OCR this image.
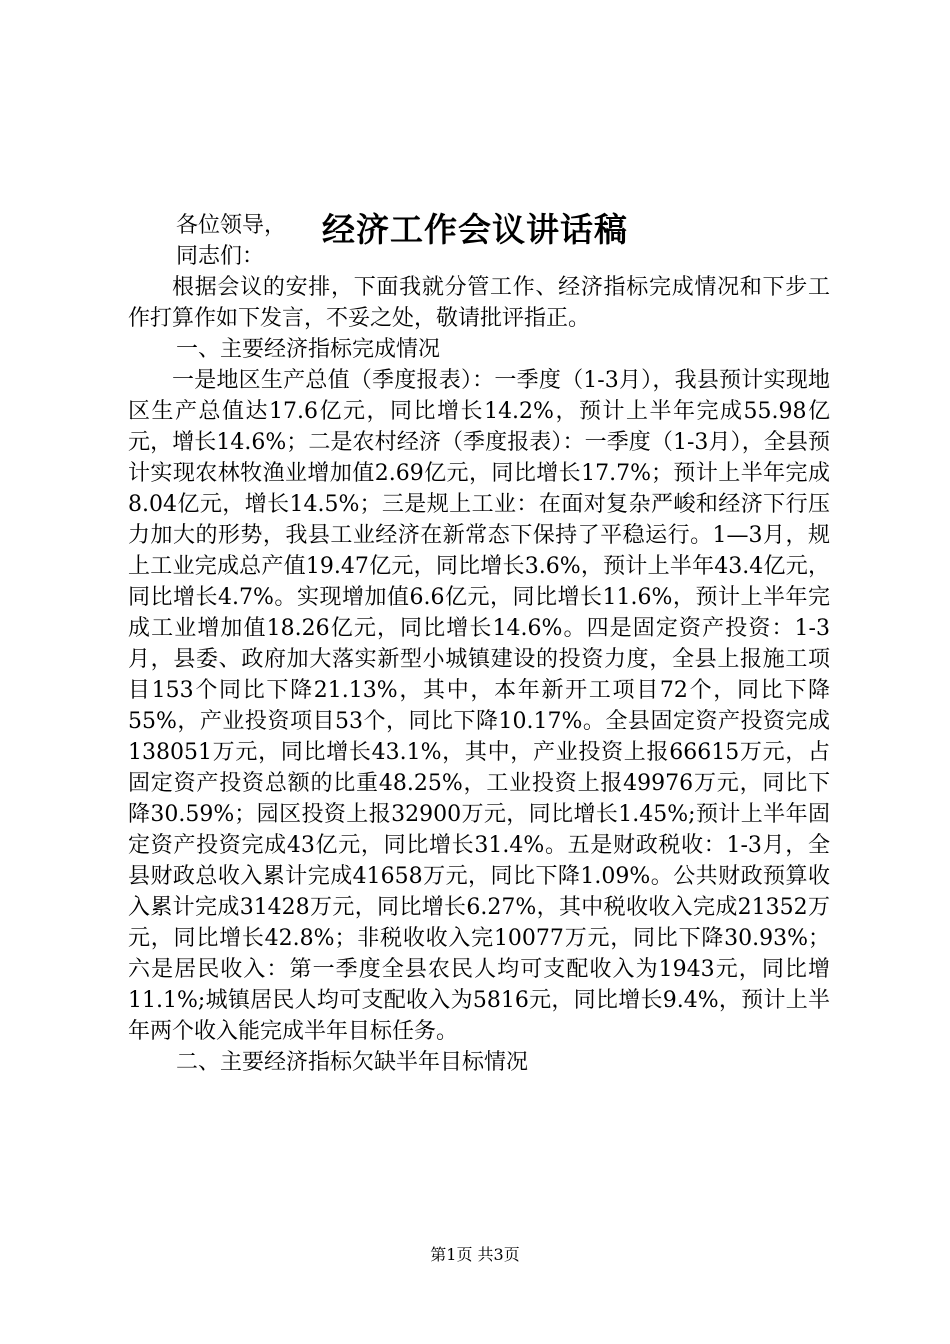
经济工作会议讲话稿

各位领导，

同志们：

根据会议的安排，下面我就分管工作、经济指标完成情况和下步工作打算作如下发言，不妥之处，敬请批评指正。

一、主要经济指标完成情况

一是地区生产总值（季度报表）：一季度（1-3月），我县预计实现地区生产总值达17.6亿元，同比增长14.2%，预计上半年完成55.98亿元，增长14.6%；二是农村经济（季度报表）：一季度（1-3月），全县预计实现农林牧渔业增加值2.69亿元，同比增长17.7%；预计上半年完成8.04亿元，增长14.5%；三是规上工业：在面对复杂严峻和经济下行压力加大的形势，我县工业经济在新常态下保持了平稳运行。1—3月，规上工业完成总产值19.47亿元，同比增长3.6%，预计上半年43.4亿元，同比增长4.7%。实现增加值6.6亿元，同比增长11.6%，预计上半年完成工业增加值18.26亿元，同比增长14.6%。四是固定资产投资：1-3月，县委、政府加大落实新型小城镇建设的投资力度，全县上报施工项目153个同比下降21.13%，其中，本年新开工项目72个，同比下降55%，产业投资项目53个，同比下降10.17%。全县固定资产投资完成138051万元，同比增长43.1%，其中，产业投资上报66615万元，占固定资产投资总额的比重48.25%，工业投资上报49976万元，同比下降30.59%；园区投资上报32900万元，同比增长1.45%;预计上半年固定资产投资完成43亿元，同比增长31.4%。五是财政税收：1-3月，全县财政总收入累计完成41658万元，同比下降1.09%。公共财政预算收入累计完成31428万元，同比增长6.27%，其中税收收入完成21352万元，同比增长42.8%；非税收收入完10077万元，同比下降30.93%；六是居民收入：第一季度全县农民人均可支配收入为1943元，同比增11.1%;城镇居民人均可支配收入为5816元，同比增长9.4%，预计上半年两个收入能完成半年目标任务。

二、主要经济指标欠缺半年目标情况

第1页 共3页
